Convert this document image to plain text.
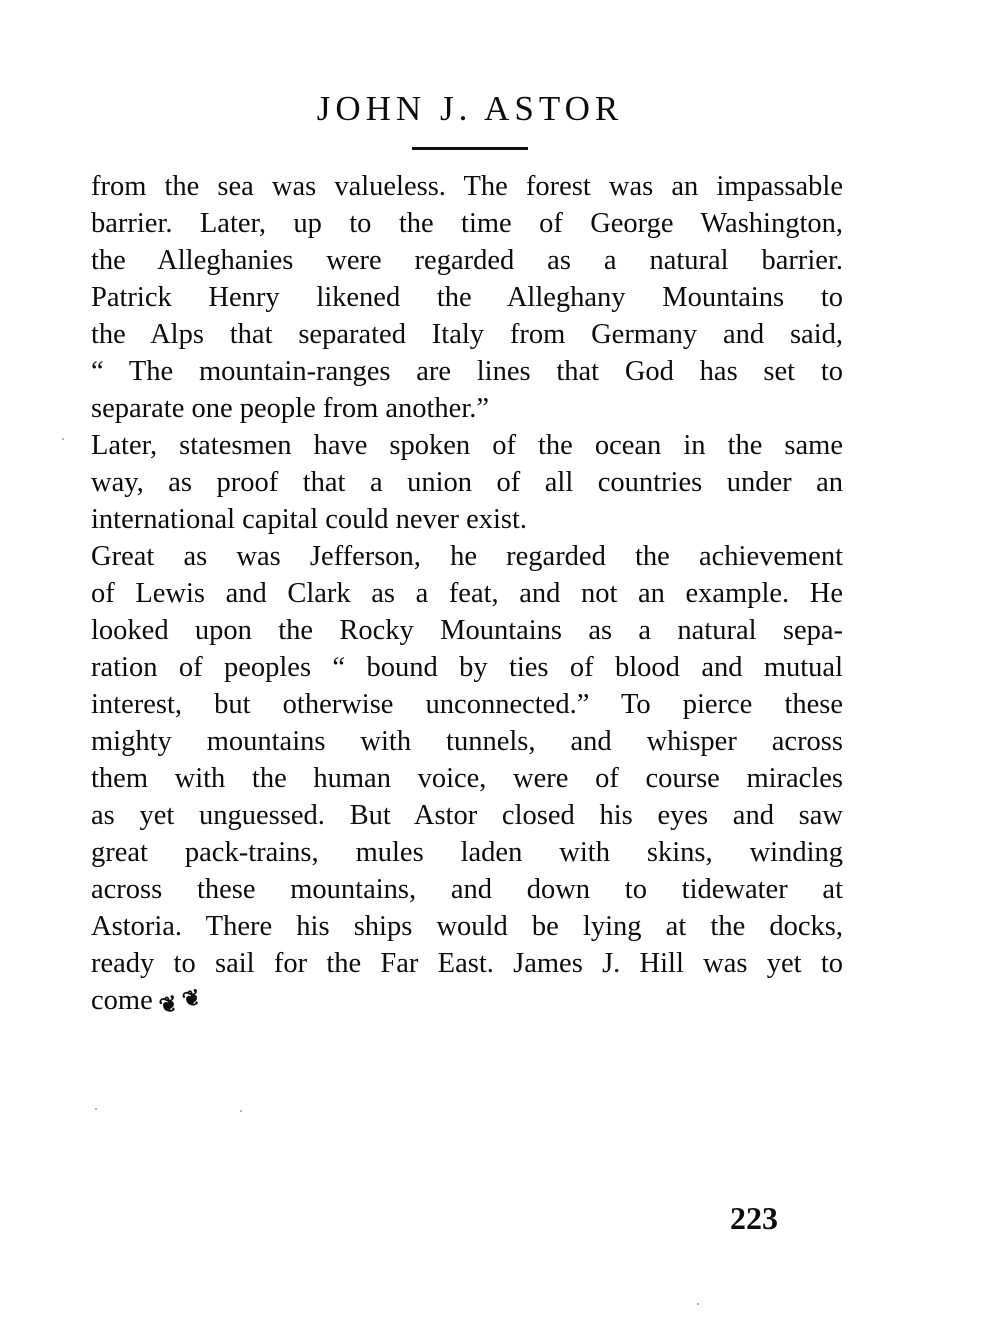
JOHN J. ASTOR
from the sea was valueless. The forest was an impassable
barrier. Later, up to the time of George Washington,
the Alleghanies were regarded as a natural barrier.
Patrick Henry likened the Alleghany Mountains to
the Alps that separated Italy from Germany and said,
“ The mountain-ranges are lines that God has set to
separate one people from another.”
Later, statesmen have spoken of the ocean in the same
way, as proof that a union of all countries under an
international capital could never exist.
Great as was Jefferson, he regarded the achievement
of Lewis and Clark as a feat, and not an example. He
looked upon the Rocky Mountains as a natural sepa-
ration of peoples “ bound by ties of blood and mutual
interest, but otherwise unconnected.” To pierce these
mighty mountains with tunnels, and whisper across
them with the human voice, were of course miracles
as yet unguessed. But Astor closed his eyes and saw
great pack-trains, mules laden with skins, winding
across these mountains, and down to tidewater at
Astoria. There his ships would be lying at the docks,
ready to sail for the Far East. James J. Hill was yet to
come ❦ ❦
223
